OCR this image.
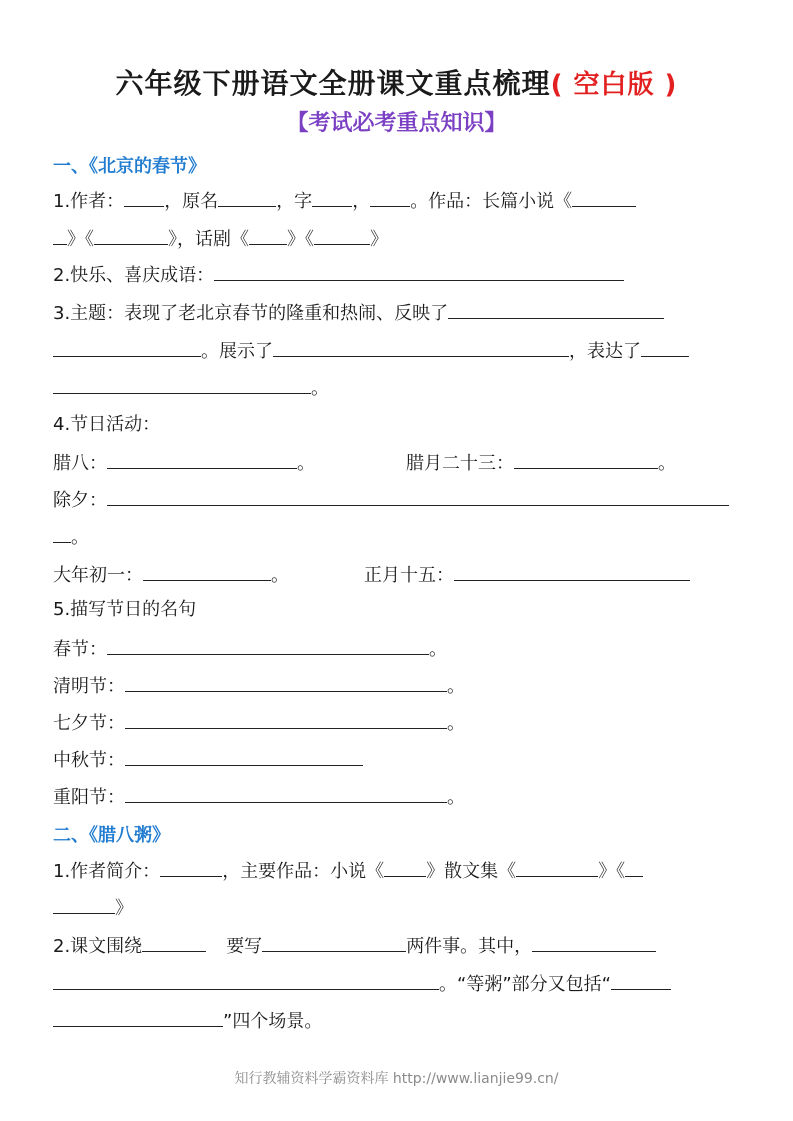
六年级下册语文全册课文重点梳理( 空白版 )
【考试必考重点知识】
一、《北京的春节》
1.作者： ，原名	，字 ， 。作品：长篇小说《
》《	》，话剧《 》《	》
2.快乐、喜庆成语：
3.主题：表现了老北京春节的隆重和热闹、反映了
。展示了	，表达了
。
4.节日活动：
腊八：	。	腊月二十三：	。
除夕：
。
大年初一：	。	正月十五：
5.描写节日的名句
春节：	。
清明节：	。
七夕节：	。
中秋节：
重阳节：	。
二、《腊八粥》
1.作者简介：	，主要作品：小说《 》散文集《	》《
》
2.课文围绕	要写	两件事。其中，
。“等粥”部分又包括“
”四个场景。
知行教辅资料学霸资料库 http://www.lianjie99.cn/
